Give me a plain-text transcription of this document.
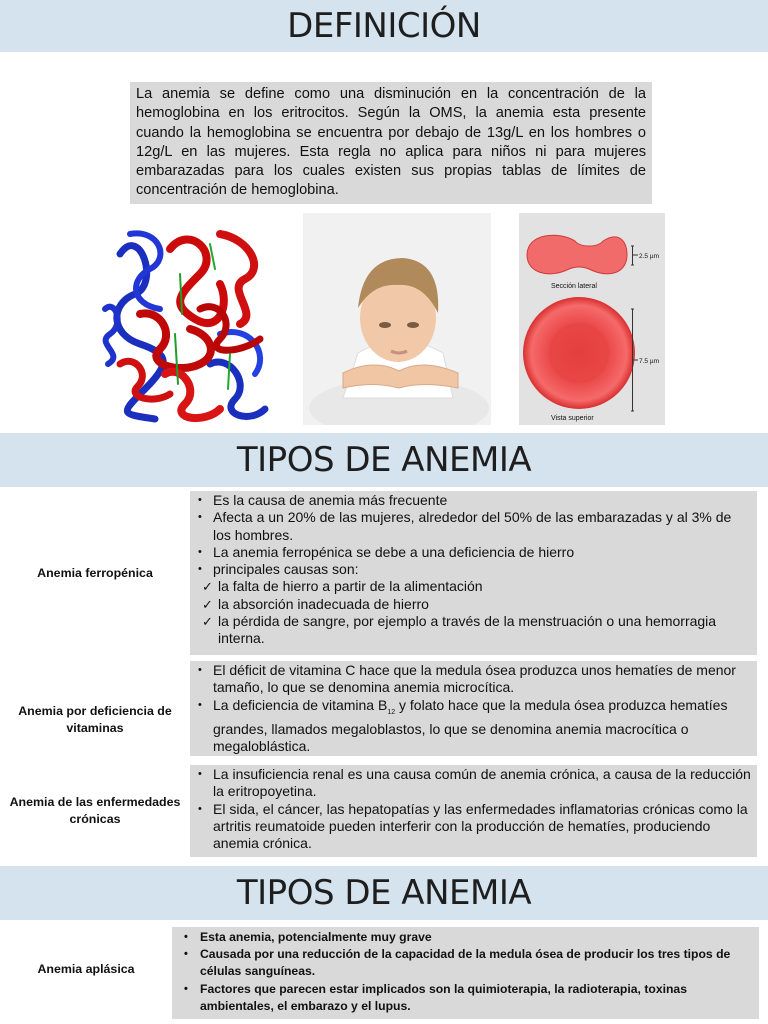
DEFINICIÓN
La anemia se define como una disminución en la concentración de la hemoglobina en los eritrocitos. Según la OMS, la anemia esta presente cuando la hemoglobina se encuentra por debajo de 13g/L en los hombres o 12g/L en las mujeres. Esta regla no aplica para niños ni para mujeres embarazadas para los cuales existen sus propias tablas de límites de concentración de hemoglobina.
2.5 µm
7.5 µm
Sección lateral
Vista superior
TIPOS DE ANEMIA
Anemia ferropénica
• Es la causa de anemia más frecuente
• Afecta a un 20% de las mujeres, alrededor del 50% de las embarazadas y al 3% de los hombres.
• La anemia ferropénica se debe a una deficiencia de hierro
• principales causas son:
✓ la falta de hierro a partir de la alimentación
✓ la absorción inadecuada de hierro
✓ la pérdida de sangre, por ejemplo a través de la menstruación o una hemorragia interna.
Anemia por deficiencia de vitaminas
• El déficit de vitamina C hace que la medula ósea produzca unos hematíes de menor tamaño, lo que se denomina anemia microcítica.
• La deficiencia de vitamina $B_{12}$ y folato hace que la medula ósea produzca hematíes grandes, llamados megaloblastos, lo que se denomina anemia macrocítica o megaloblástica.
Anemia de las enfermedades crónicas
• La insuficiencia renal es una causa común de anemia crónica, a causa de la reducción la eritropoyetina.
• El sida, el cáncer, las hepatopatías y las enfermedades inflamatorias crónicas como la artritis reumatoide pueden interferir con la producción de hematíes, produciendo anemia crónica.
TIPOS DE ANEMIA
Anemia aplásica
• Esta anemia, potencialmente muy grave
• Causada por una reducción de la capacidad de la medula ósea de producir los tres tipos de células sanguíneas.
• Factores que parecen estar implicados son la quimioterapia, la radioterapia, toxinas ambientales, el embarazo y el lupus.
